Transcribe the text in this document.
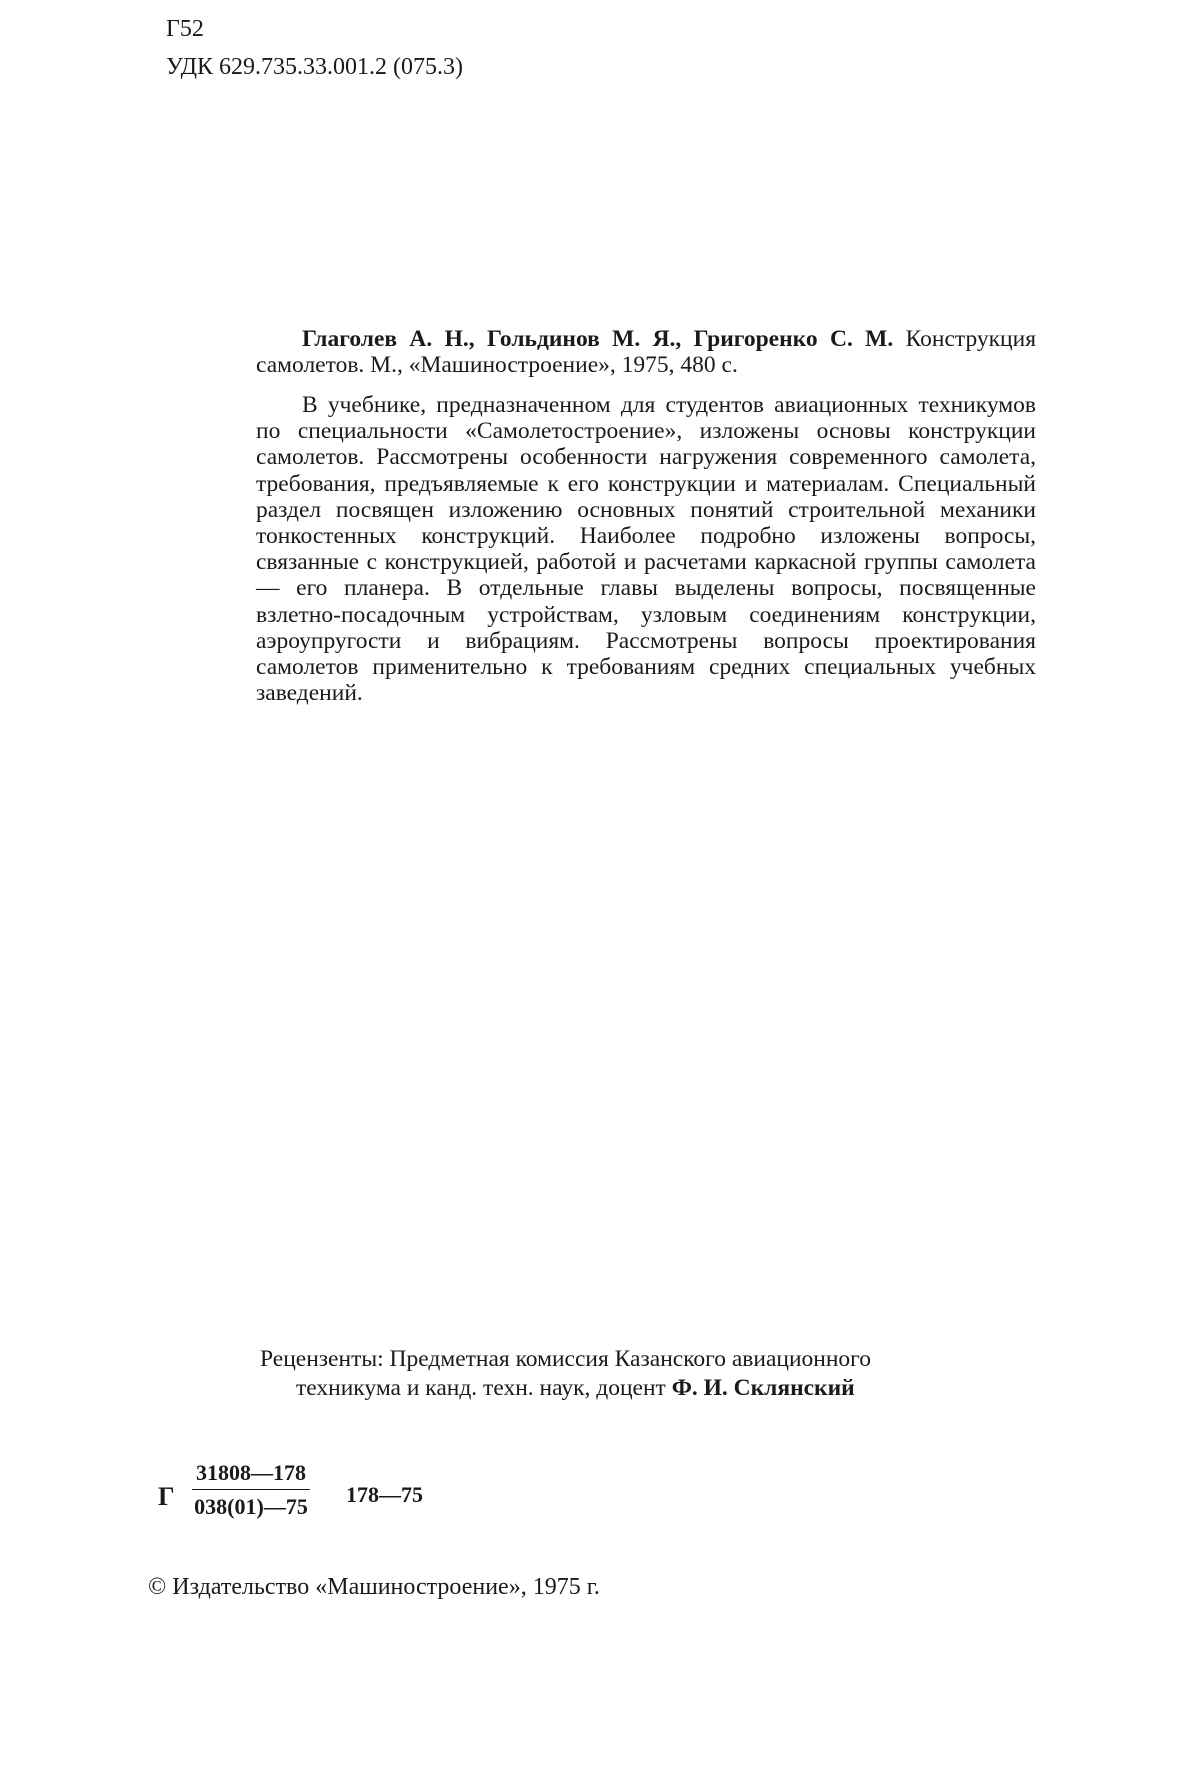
Г52
УДК 629.735.33.001.2 (075.3)
Глаголев А. Н., Гольдинов М. Я., Григоренко С. М. Конструкция самолетов. М., «Машиностроение», 1975, 480 с.
В учебнике, предназначенном для студентов авиационных техникумов по специальности «Самолетостроение», изложены основы конструкции самолетов. Рассмотрены особенности нагружения современного самолета, требования, предъявляемые к его конструкции и материалам. Специальный раздел посвящен изложению основных понятий строительной механики тонкостенных конструкций. Наиболее подробно изложены вопросы, связанные с конструкцией, работой и расчетами каркасной группы самолета — его планера. В отдельные главы выделены вопросы, посвященные взлетно-посадочным устройствам, узловым соединениям конструкции, аэроупругости и вибрациям. Рассмотрены вопросы проектирования самолетов применительно к требованиям средних специальных учебных заведений.
Рецензенты: Предметная комиссия Казанского авиационного
техникума и канд. техн. наук, доцент Ф. И. Склянский
Г $\frac{31808—178}{038(01)—75}$ 178—75
© Издательство «Машиностроение», 1975 г.
